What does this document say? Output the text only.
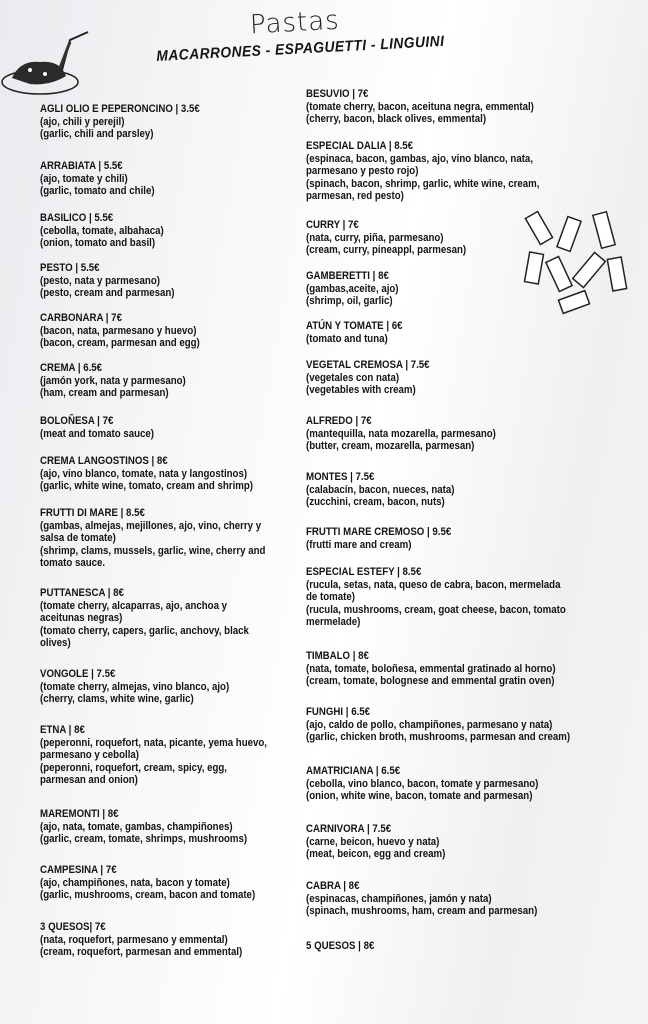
Pastas
MACARRONES - ESPAGUETTI - LINGUINI
AGLI OLIO E PEPERONCINO | 3.5€
(ajo, chili y perejil)
(garlic, chili and parsley)
ARRABIATA | 5.5€
(ajo, tomate y chili)
(garlic, tomato and chile)
BASILICO | 5.5€
(cebolla, tomate, albahaca)
(onion, tomato and basil)
PESTO | 5.5€
(pesto, nata y parmesano)
(pesto, cream and parmesan)
CARBONARA | 7€
(bacon, nata, parmesano y huevo)
(bacon, cream, parmesan and egg)
CREMA | 6.5€
(jamón york, nata y parmesano)
(ham, cream and parmesan)
BOLOÑESA | 7€
(meat and tomato sauce)
CREMA LANGOSTINOS | 8€
(ajo, vino blanco, tomate, nata y langostinos)
(garlic, white wine, tomato, cream and shrimp)
FRUTTI DI MARE | 8.5€
(gambas, almejas, mejillones, ajo, vino, cherry y
salsa de tomate)
(shrimp, clams, mussels, garlic, wine, cherry and
tomato sauce.
PUTTANESCA | 8€
(tomate cherry, alcaparras, ajo, anchoa y
aceitunas negras)
(tomato cherry, capers, garlic, anchovy, black
olives)
VONGOLE | 7.5€
(tomate cherry, almejas, vino blanco, ajo)
(cherry, clams, white wine, garlic)
ETNA | 8€
(peperonni, roquefort, nata, picante, yema huevo,
parmesano y cebolla)
(peperonni, roquefort, cream, spicy, egg,
parmesan and onion)
MAREMONTI | 8€
(ajo, nata, tomate, gambas, champiñones)
(garlic, cream, tomate, shrimps, mushrooms)
CAMPESINA | 7€
(ajo, champiñones, nata, bacon y tomate)
(garlic, mushrooms, cream, bacon and tomate)
3 QUESOS| 7€
(nata, roquefort, parmesano y emmental)
(cream, roquefort, parmesan and emmental)
BESUVIO | 7€
(tomate cherry, bacon, aceituna negra, emmental)
(cherry, bacon, black olives, emmental)
ESPECIAL DALIA | 8.5€
(espinaca, bacon, gambas, ajo, vino blanco, nata,
parmesano y pesto rojo)
(spinach, bacon, shrimp, garlic, white wine, cream,
parmesan, red pesto)
CURRY | 7€
(nata, curry, piña, parmesano)
(cream, curry, pineappl, parmesan)
GAMBERETTI | 8€
(gambas,aceite, ajo)
(shrimp, oil, garlic)
ATÚN Y TOMATE | 6€
(tomato and tuna)
VEGETAL CREMOSA | 7.5€
(vegetales con nata)
(vegetables with cream)
ALFREDO | 7€
(mantequilla, nata mozarella, parmesano)
(butter, cream, mozarella, parmesan)
MONTES | 7.5€
(calabacín, bacon, nueces, nata)
(zucchini, cream, bacon, nuts)
FRUTTI MARE CREMOSO | 9.5€
(frutti mare and cream)
ESPECIAL ESTEFY | 8.5€
(rucula, setas, nata, queso de cabra, bacon, mermelada
de tomate)
(rucula, mushrooms, cream, goat cheese, bacon, tomato
mermelade)
TIMBALO | 8€
(nata, tomate, boloñesa, emmental gratinado al horno)
(cream, tomate, bolognese and emmental gratin oven)
FUNGHI | 6.5€
(ajo, caldo de pollo, champiñones, parmesano y nata)
(garlic, chicken broth, mushrooms, parmesan and cream)
AMATRICIANA | 6.5€
(cebolla, vino blanco, bacon, tomate y parmesano)
(onion, white wine, bacon, tomate and parmesan)
CARNIVORA | 7.5€
(carne, beicon, huevo y nata)
(meat, beicon, egg and cream)
CABRA | 8€
(espinacas, champiñones, jamón y nata)
(spinach, mushrooms, ham, cream and parmesan)
5 QUESOS | 8€
